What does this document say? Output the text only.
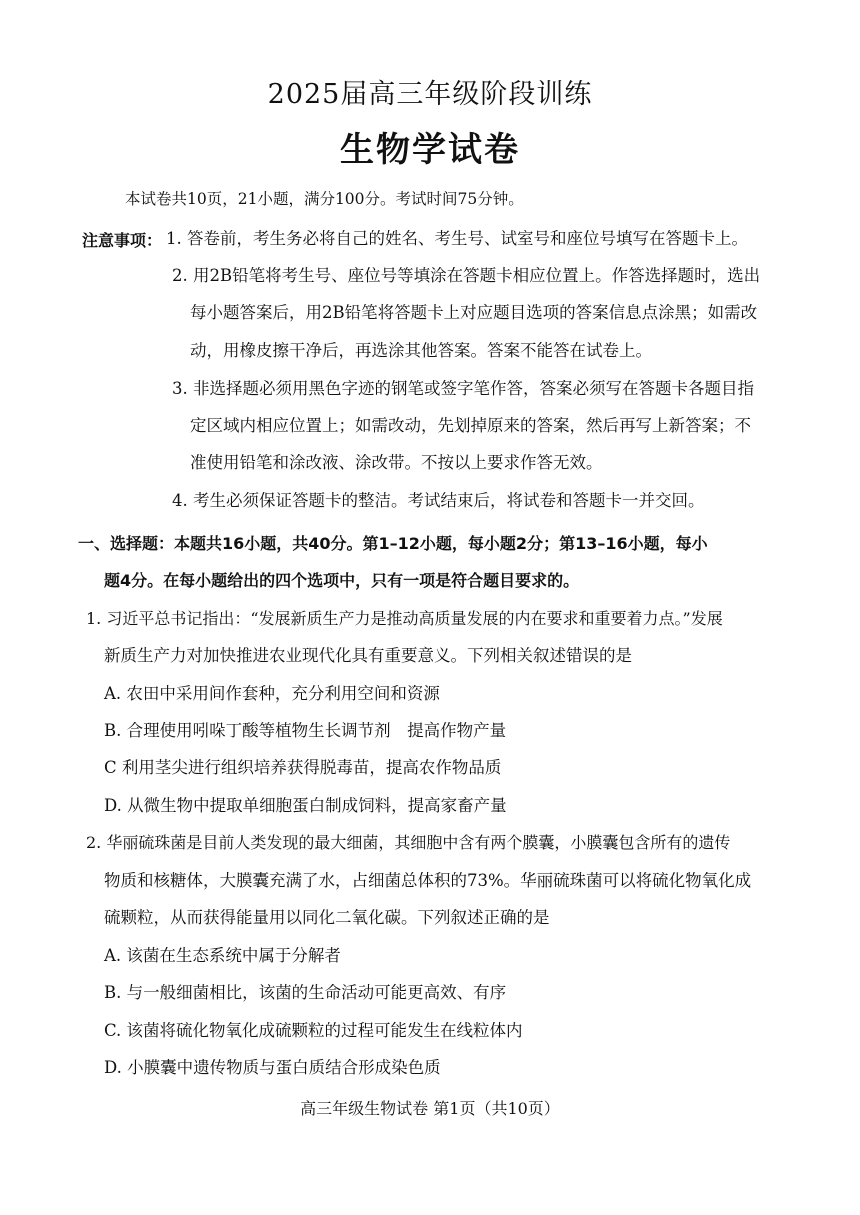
2025届高三年级阶段训练
生物学试卷
本试卷共10页，21小题，满分100分。考试时间75分钟。
注意事项： 1. 答卷前，考生务必将自己的姓名、考生号、试室号和座位号填写在答题卡上。
2. 用2B铅笔将考生号、座位号等填涂在答题卡相应位置上。作答选择题时，选出
每小题答案后，用2B铅笔将答题卡上对应题目选项的答案信息点涂黑；如需改
动，用橡皮擦干净后，再选涂其他答案。答案不能答在试卷上。
3. 非选择题必须用黑色字迹的钢笔或签字笔作答，答案必须写在答题卡各题目指
定区域内相应位置上；如需改动，先划掉原来的答案，然后再写上新答案；不
准使用铅笔和涂改液、涂改带。不按以上要求作答无效。
4. 考生必须保证答题卡的整洁。考试结束后，将试卷和答题卡一并交回。
一、选择题：本题共16小题，共40分。第1–12小题，每小题2分；第13–16小题，每小
题4分。在每小题给出的四个选项中，只有一项是符合题目要求的。
1. 习近平总书记指出：“发展新质生产力是推动高质量发展的内在要求和重要着力点。”发展
新质生产力对加快推进农业现代化具有重要意义。下列相关叙述错误的是
A. 农田中采用间作套种，充分利用空间和资源
B. 合理使用吲哚丁酸等植物生长调节剂　提高作物产量
C 利用茎尖进行组织培养获得脱毒苗，提高农作物品质
D. 从微生物中提取单细胞蛋白制成饲料，提高家畜产量
2. 华丽硫珠菌是目前人类发现的最大细菌，其细胞中含有两个膜囊，小膜囊包含所有的遗传
物质和核糖体，大膜囊充满了水，占细菌总体积的73%。华丽硫珠菌可以将硫化物氧化成
硫颗粒，从而获得能量用以同化二氧化碳。下列叙述正确的是
A. 该菌在生态系统中属于分解者
B. 与一般细菌相比，该菌的生命活动可能更高效、有序
C. 该菌将硫化物氧化成硫颗粒的过程可能发生在线粒体内
D. 小膜囊中遗传物质与蛋白质结合形成染色质
高三年级生物试卷 第1页（共10页）
